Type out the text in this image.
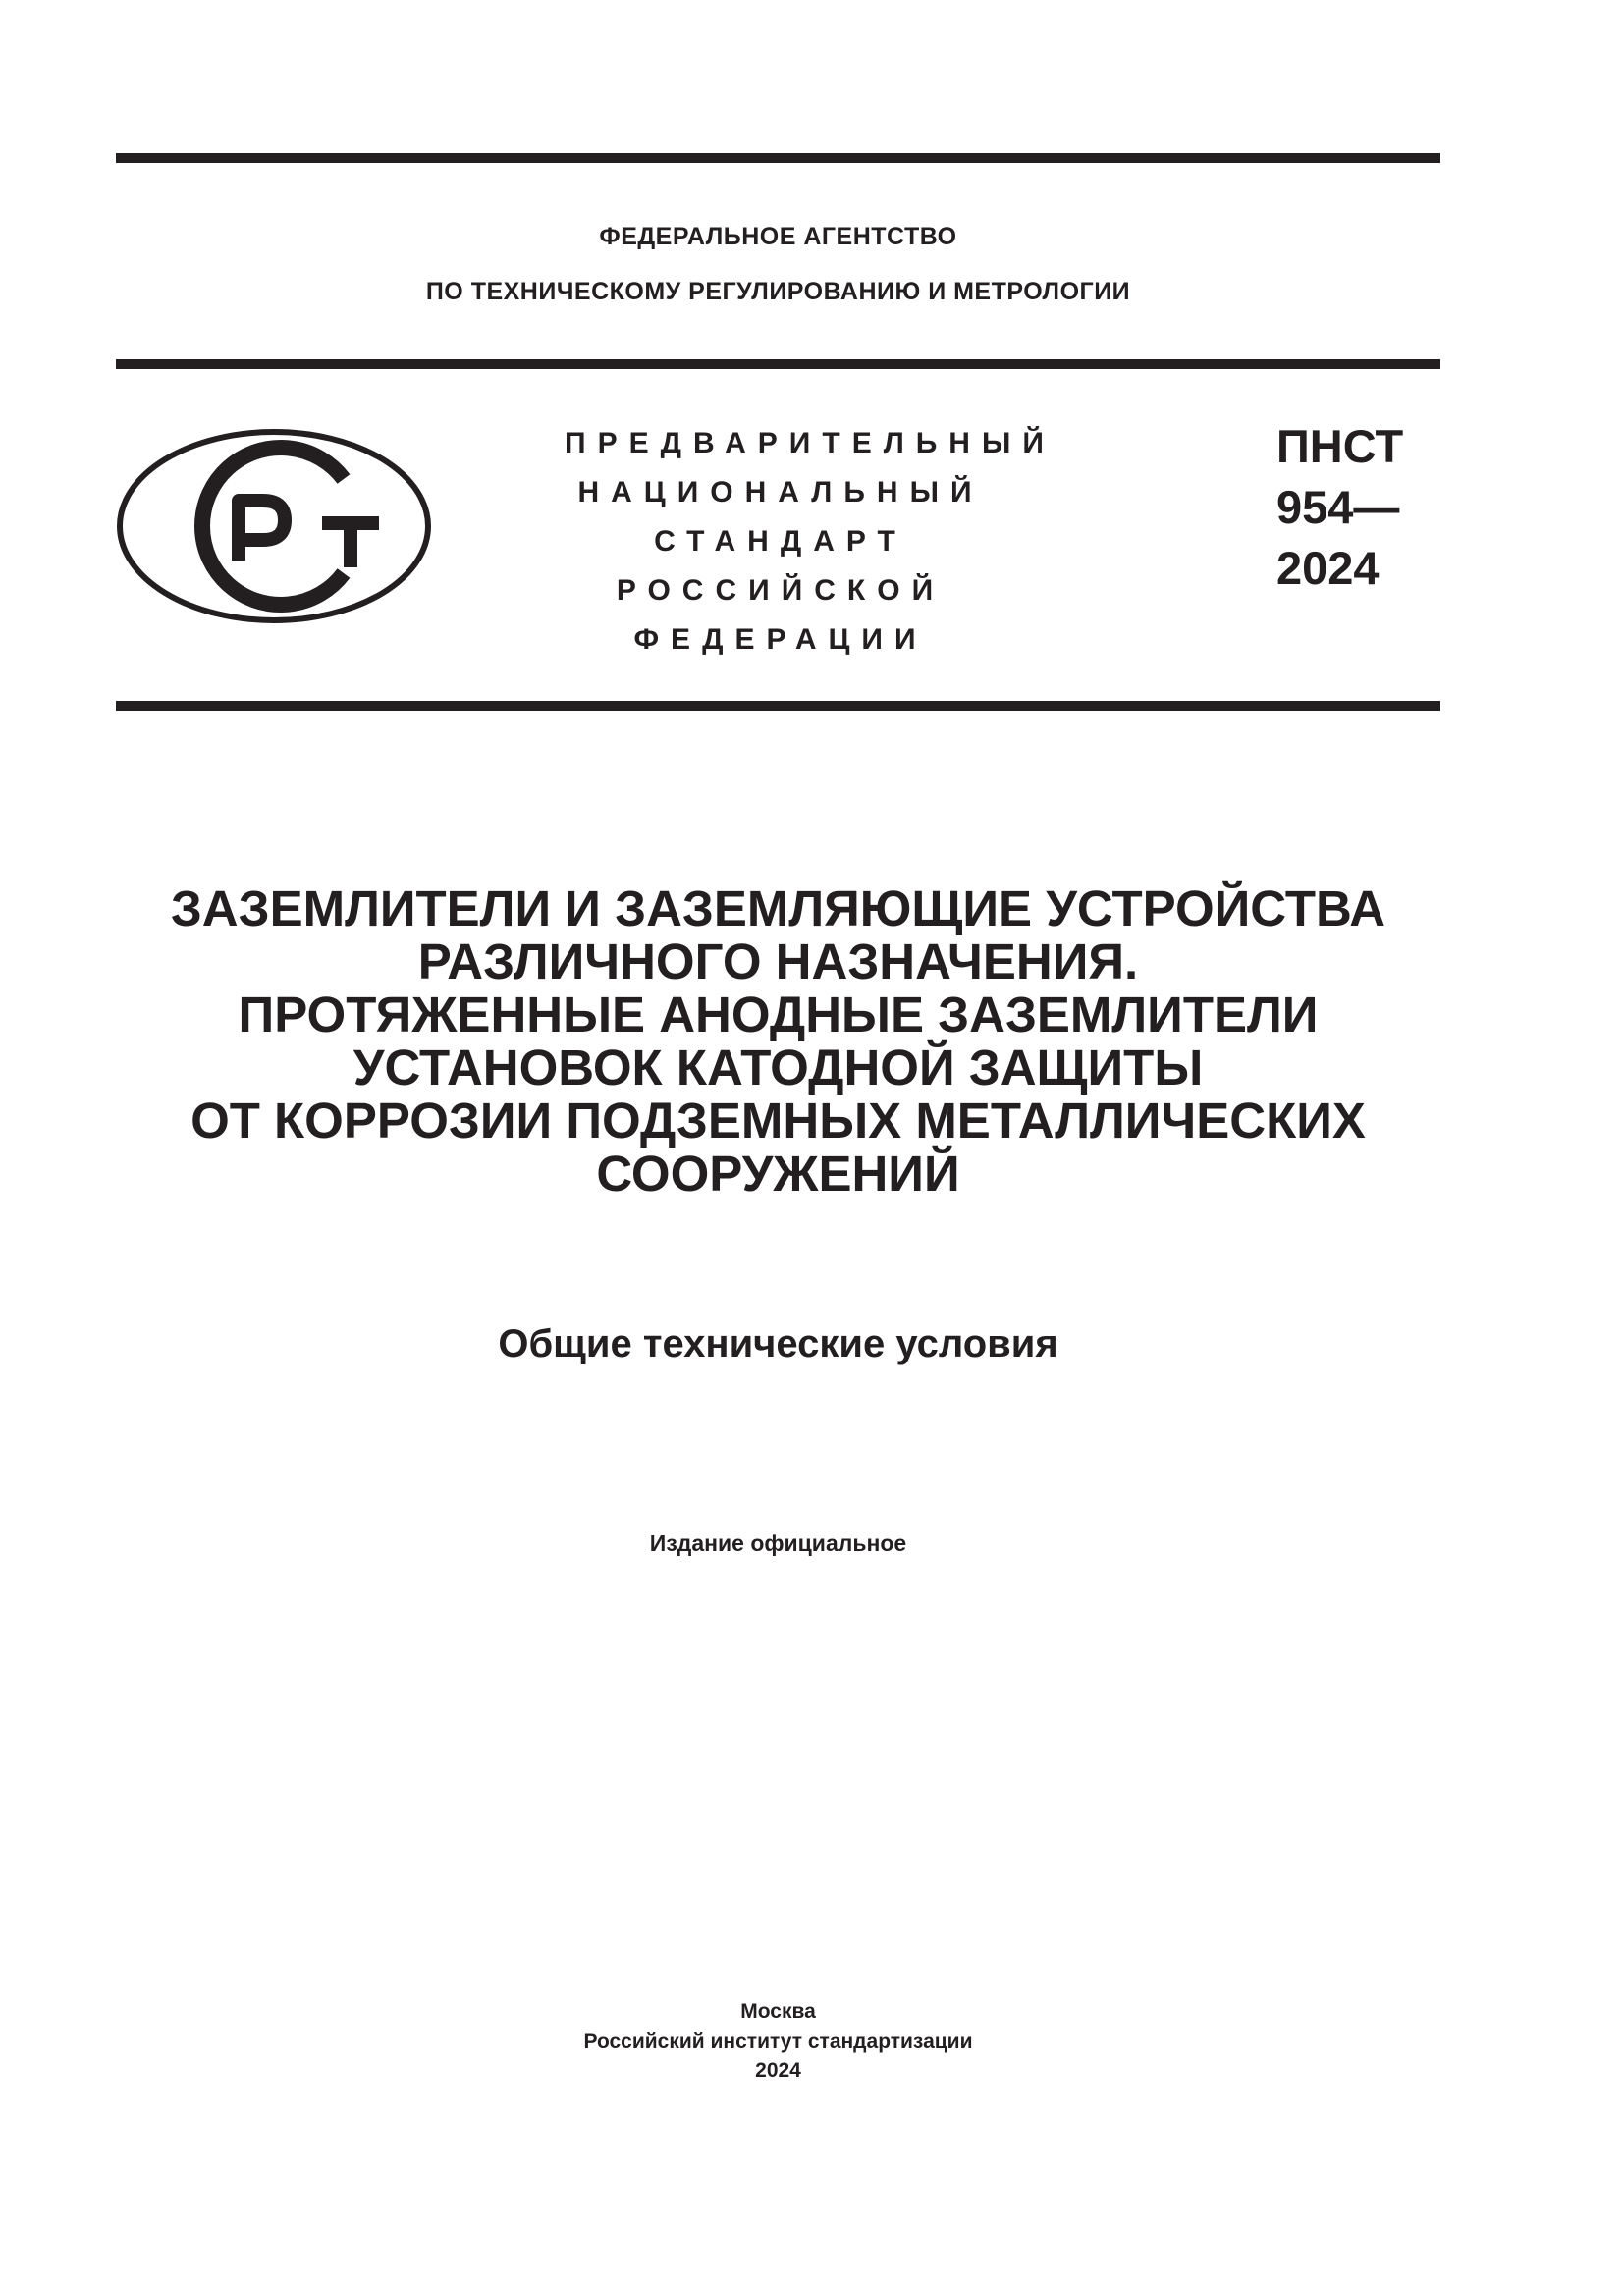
ФЕДЕРАЛЬНОЕ АГЕНТСТВО
ПО ТЕХНИЧЕСКОМУ РЕГУЛИРОВАНИЮ И МЕТРОЛОГИИ
ПРЕДВАРИТЕЛЬНЫЙ
НАЦИОНАЛЬНЫЙ
СТАНДАРТ
РОССИЙСКОЙ
ФЕДЕРАЦИИ
ПНСТ
954—
2024
ЗАЗЕМЛИТЕЛИ И ЗАЗЕМЛЯЮЩИЕ УСТРОЙСТВА
РАЗЛИЧНОГО НАЗНАЧЕНИЯ.
ПРОТЯЖЕННЫЕ АНОДНЫЕ ЗАЗЕМЛИТЕЛИ
УСТАНОВОК КАТОДНОЙ ЗАЩИТЫ
ОТ КОРРОЗИИ ПОДЗЕМНЫХ МЕТАЛЛИЧЕСКИХ
СООРУЖЕНИЙ
Общие технические условия
Издание официальное
Москва
Российский институт стандартизации
2024
